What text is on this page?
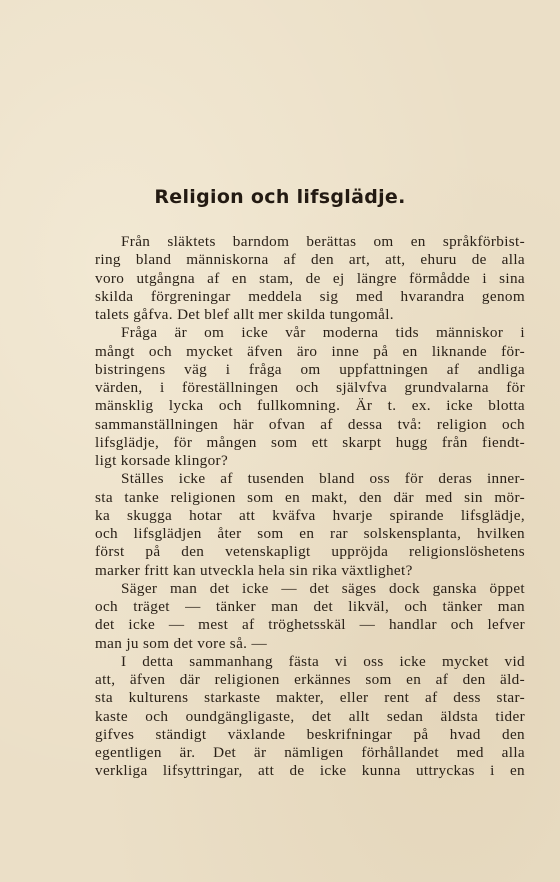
Religion och lifsglädje.
Från släktets barndom berättas om en språkförbist-
ring bland människorna af den art, att, ehuru de alla
voro utgångna af en stam, de ej längre förmådde i sina
skilda förgreningar meddela sig med hvarandra genom
talets gåfva. Det blef allt mer skilda tungomål.
Fråga är om icke vår moderna tids människor i
mångt och mycket äfven äro inne på en liknande för-
bistringens väg i fråga om uppfattningen af andliga
värden, i föreställningen och självfva grundvalarna för
mänsklig lycka och fullkomning. Är t. ex. icke blotta
sammanställningen här ofvan af dessa två: religion och
lifsglädje, för mången som ett skarpt hugg från fiendt-
ligt korsade klingor?
Ställes icke af tusenden bland oss för deras inner-
sta tanke religionen som en makt, den där med sin mör-
ka skugga hotar att kväfva hvarje spirande lifsglädje,
och lifsglädjen åter som en rar solskensplanta, hvilken
först på den vetenskapligt uppröjda religionslöshetens
marker fritt kan utveckla hela sin rika växtlighet?
Säger man det icke — det säges dock ganska öppet
och träget — tänker man det likväl, och tänker man
det icke — mest af tröghetsskäl — handlar och lefver
man ju som det vore så. —
I detta sammanhang fästa vi oss icke mycket vid
att, äfven där religionen erkännes som en af den äld-
sta kulturens starkaste makter, eller rent af dess star-
kaste och oundgängligaste, det allt sedan äldsta tider
gifves ständigt växlande beskrifningar på hvad den
egentligen är. Det är nämligen förhållandet med alla
verkliga lifsyttringar, att de icke kunna uttryckas i en
